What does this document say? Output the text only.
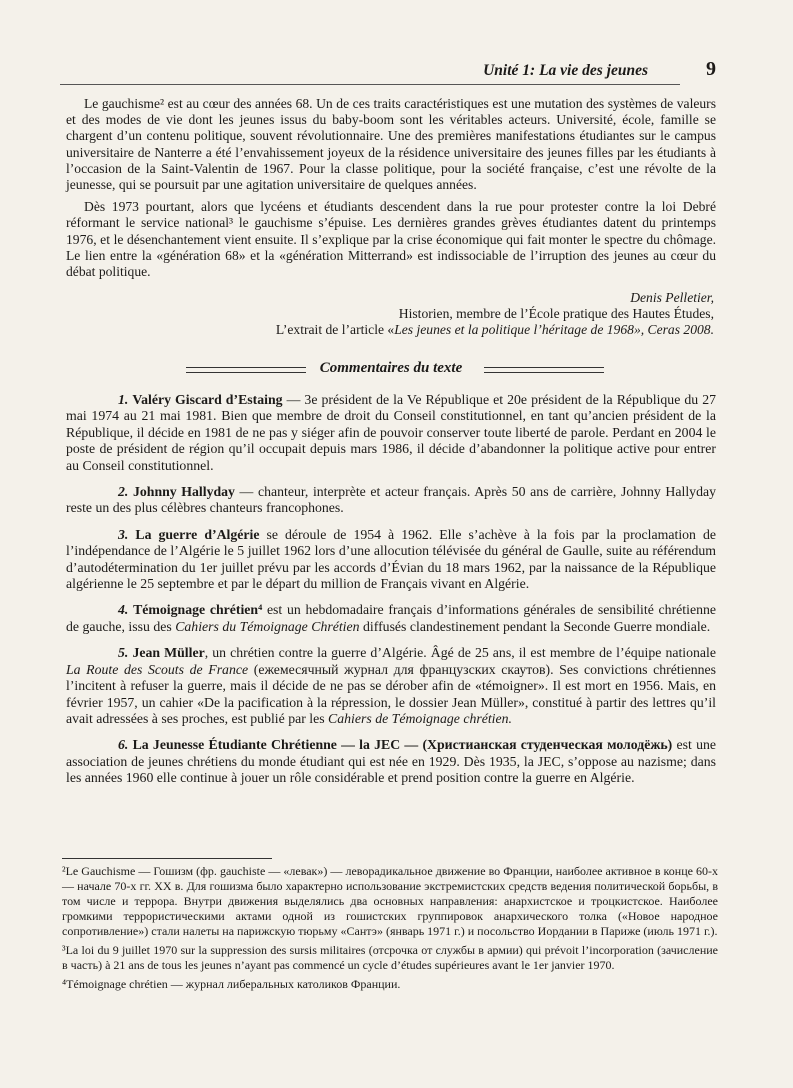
Unité 1: La vie des jeunes	9

Le gauchisme² est au cœur des années 68. Un de ces traits caractéristiques est une mutation des systèmes de valeurs et des modes de vie dont les jeunes issus du baby-boom sont les véritables acteurs. Université, école, famille se chargent d’un contenu politique, souvent révolutionnaire. Une des premières manifestations étudiantes sur le campus universitaire de Nanterre a été l’envahissement joyeux de la résidence universitaire des jeunes filles par les étudiants à l’occasion de la Saint-Valentin de 1967. Pour la classe politique, pour la société française, c’est une révolte de la jeunesse, qui se poursuit par une agitation universitaire de quelques années.

Dès 1973 pourtant, alors que lycéens et étudiants descendent dans la rue pour protester contre la loi Debré réformant le service national³ le gauchisme s’épuise. Les dernières grandes grèves étudiantes datent du printemps 1976, et le désenchantement vient ensuite. Il s’explique par la crise économique qui fait monter le spectre du chômage. Le lien entre la «génération 68» et la «génération Mitterrand» est indissociable de l’irruption des jeunes au cœur du débat politique.

Denis Pelletier,
Historien, membre de l’École pratique des Hautes Études,
L’extrait de l’article «Les jeunes et la politique l’héritage de 1968», Ceras 2008.
Commentaires du texte

1. Valéry Giscard d’Estaing — 3e président de la Ve République et 20e président de la République du 27 mai 1974 au 21 mai 1981. Bien que membre de droit du Conseil constitutionnel, en tant qu’ancien président de la République, il décide en 1981 de ne pas y siéger afin de pouvoir conserver toute liberté de parole. Perdant en 2004 le poste de président de région qu’il occupait depuis mars 1986, il décide d’abandonner la politique active pour entrer au Conseil constitutionnel.

2. Johnny Hallyday — chanteur, interprète et acteur français. Après 50 ans de carrière, Johnny Hallyday reste un des plus célèbres chanteurs francophones.

3. La guerre d’Algérie se déroule de 1954 à 1962. Elle s’achève à la fois par la proclamation de l’indépendance de l’Algérie le 5 juillet 1962 lors d’une allocution télévisée du général de Gaulle, suite au référendum d’autodétermination du 1er juillet prévu par les accords d’Évian du 18 mars 1962, par la naissance de la République algérienne le 25 septembre et par le départ du million de Français vivant en Algérie.

4. Témoignage chrétien⁴ est un hebdomadaire français d’informations générales de sensibilité chrétienne de gauche, issu des Cahiers du Témoignage Chrétien diffusés clandestinement pendant la Seconde Guerre mondiale.

5. Jean Müller, un chrétien contre la guerre d’Algérie. Âgé de 25 ans, il est membre de l’équipe nationale La Route des Scouts de France (ежемесячный журнал для французских скаутов). Ses convictions chrétiennes l’incitent à refuser la guerre, mais il décide de ne pas se dérober afin de «témoigner». Il est mort en 1956. Mais, en février 1957, un cahier «De la pacification à la répression, le dossier Jean Müller», constitué à partir des lettres qu’il avait adressées à ses proches, est publié par les Cahiers de Témoignage chrétien.

6. La Jeunesse Étudiante Chrétienne — la JEC — (Христианская студенческая молодёжь) est une association de jeunes chrétiens du monde étudiant qui est née en 1929. Dès 1935, la JEC, s’oppose au nazisme; dans les années 1960 elle continue à jouer un rôle considérable et prend position contre la guerre en Algérie.

²Le Gauchisme — Гошизм (фр. gauchiste — «левак») — леворадикальное движение во Франции, наиболее активное в конце 60-х — начале 70-х гг. XX в. Для гошизма было характерно использование экстремистских средств ведения политической борьбы, в том числе и террора. Внутри движения выделялись два основных направления: анархистское и троцкистское. Наиболее громкими террористическими актами одной из гошистских группировок анархического толка («Новое народное сопротивление») стали налеты на парижскую тюрьму «Сантэ» (январь 1971 г.) и посольство Иордании в Париже (июль 1971 г.).

³La loi du 9 juillet 1970 sur la suppression des sursis militaires (отсрочка от службы в армии) qui prévoit l’incorporation (зачисление в часть) à 21 ans de tous les jeunes n’ayant pas commencé un cycle d’études supérieures avant le 1er janvier 1970.

⁴Témoignage chrétien — журнал либеральных католиков Франции.
